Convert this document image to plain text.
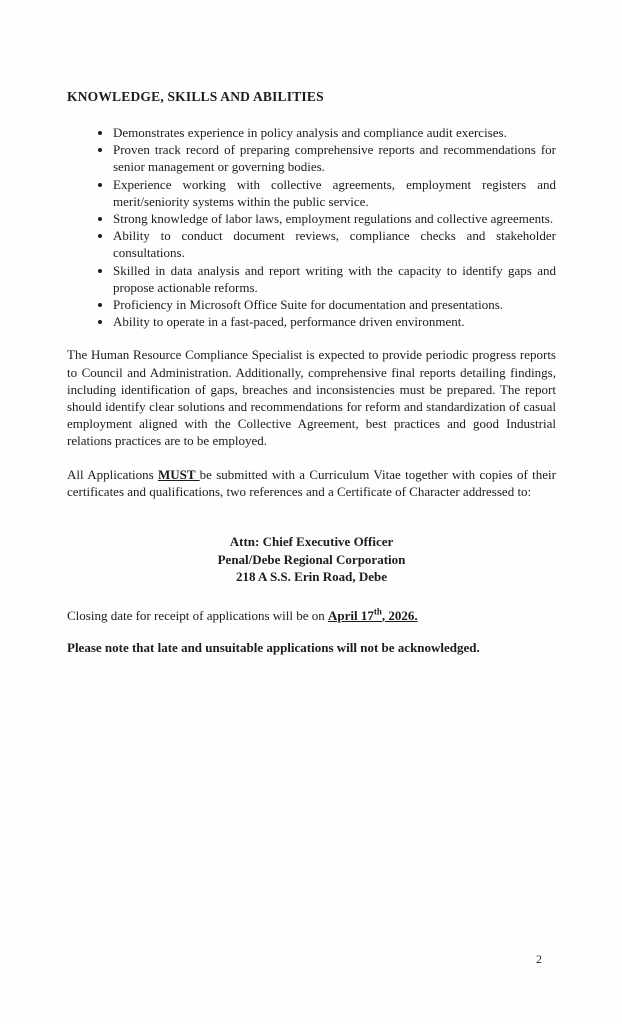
KNOWLEDGE, SKILLS AND ABILITIES
• Demonstrates experience in policy analysis and compliance audit exercises.
• Proven track record of preparing comprehensive reports and recommendations for senior management or governing bodies.
• Experience working with collective agreements, employment registers and merit/seniority systems within the public service.
• Strong knowledge of labor laws, employment regulations and collective agreements.
• Ability to conduct document reviews, compliance checks and stakeholder consultations.
• Skilled in data analysis and report writing with the capacity to identify gaps and propose actionable reforms.
• Proficiency in Microsoft Office Suite for documentation and presentations.
• Ability to operate in a fast-paced, performance driven environment.

The Human Resource Compliance Specialist is expected to provide periodic progress reports to Council and Administration. Additionally, comprehensive final reports detailing findings, including identification of gaps, breaches and inconsistencies must be prepared. The report should identify clear solutions and recommendations for reform and standardization of casual employment aligned with the Collective Agreement, best practices and good Industrial relations practices are to be employed.

All Applications MUST be submitted with a Curriculum Vitae together with copies of their certificates and qualifications, two references and a Certificate of Character addressed to:

Attn: Chief Executive Officer
Penal/Debe Regional Corporation
218 A S.S. Erin Road, Debe

Closing date for receipt of applications will be on April 17th, 2026.

Please note that late and unsuitable applications will not be acknowledged.

2
